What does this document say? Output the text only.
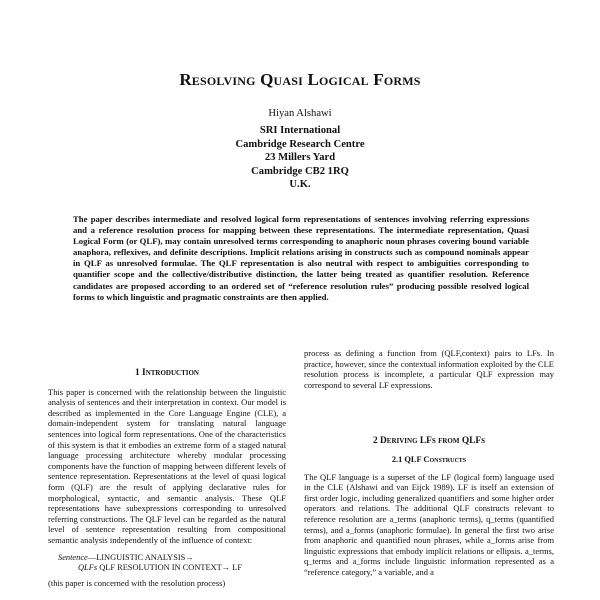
Resolving Quasi Logical Forms
Hiyan Alshawi
SRI International
Cambridge Research Centre
23 Millers Yard
Cambridge CB2 1RQ
U.K.
The paper describes intermediate and resolved logical form representations of sentences involving referring expressions and a reference resolution process for mapping between these representations. The intermediate representation, Quasi Logical Form (or QLF), may contain unresolved terms corresponding to anaphoric noun phrases covering bound variable anaphora, reflexives, and definite descriptions. Implicit relations arising in constructs such as compound nominals appear in QLF as unresolved formulae. The QLF representation is also neutral with respect to ambiguities corresponding to quantifier scope and the collective/distributive distinction, the latter being treated as quantifier resolution. Reference candidates are proposed according to an ordered set of “reference resolution rules” producing possible resolved logical forms to which linguistic and pragmatic constraints are then applied.
1 Introduction

This paper is concerned with the relationship between the linguistic analysis of sentences and their interpretation in context. Our model is described as implemented in the Core Language Engine (CLE), a domain-independent system for translating natural language sentences into logical form representations. One of the characteristics of this system is that it embodies an extreme form of a staged natural language processing architecture whereby modular processing components have the function of mapping between different levels of sentence representation. Representations at the level of quasi logical form (QLF) are the result of applying declarative rules for morphological, syntactic, and semantic analysis. These QLF representations have subexpressions corresponding to unresolved referring constructions. The QLF level can be regarded as the natural level of sentence representation resulting from compositional semantic analysis independently of the influence of context:

Sentence—LINGUISTIC ANALYSIS→
QLFs QLF RESOLUTION IN CONTEXT→ LF

(this paper is concerned with the resolution process)

process as defining a function from (QLF,context) pairs to LFs. In practice, however, since the contextual information exploited by the CLE resolution process is incomplete, a particular QLF expression may correspond to several LF expressions.

2 Deriving LFs from QLFs
2.1 QLF Constructs

The QLF language is a superset of the LF (logical form) language used in the CLE (Alshawi and van Eijck 1989). LF is itself an extension of first order logic, including generalized quantifiers and some higher order operators and relations. The additional QLF constructs relevant to reference resolution are a_terms (anaphoric terms), q_terms (quantified terms), and a_forms (anaphoric formulae). In general the first two arise from anaphoric and quantified noun phrases, while a_forms arise from linguistic expressions that embody implicit relations or ellipsis. a_terms, q_terms and a_forms include linguistic information represented as a “reference category,” a variable, and a
